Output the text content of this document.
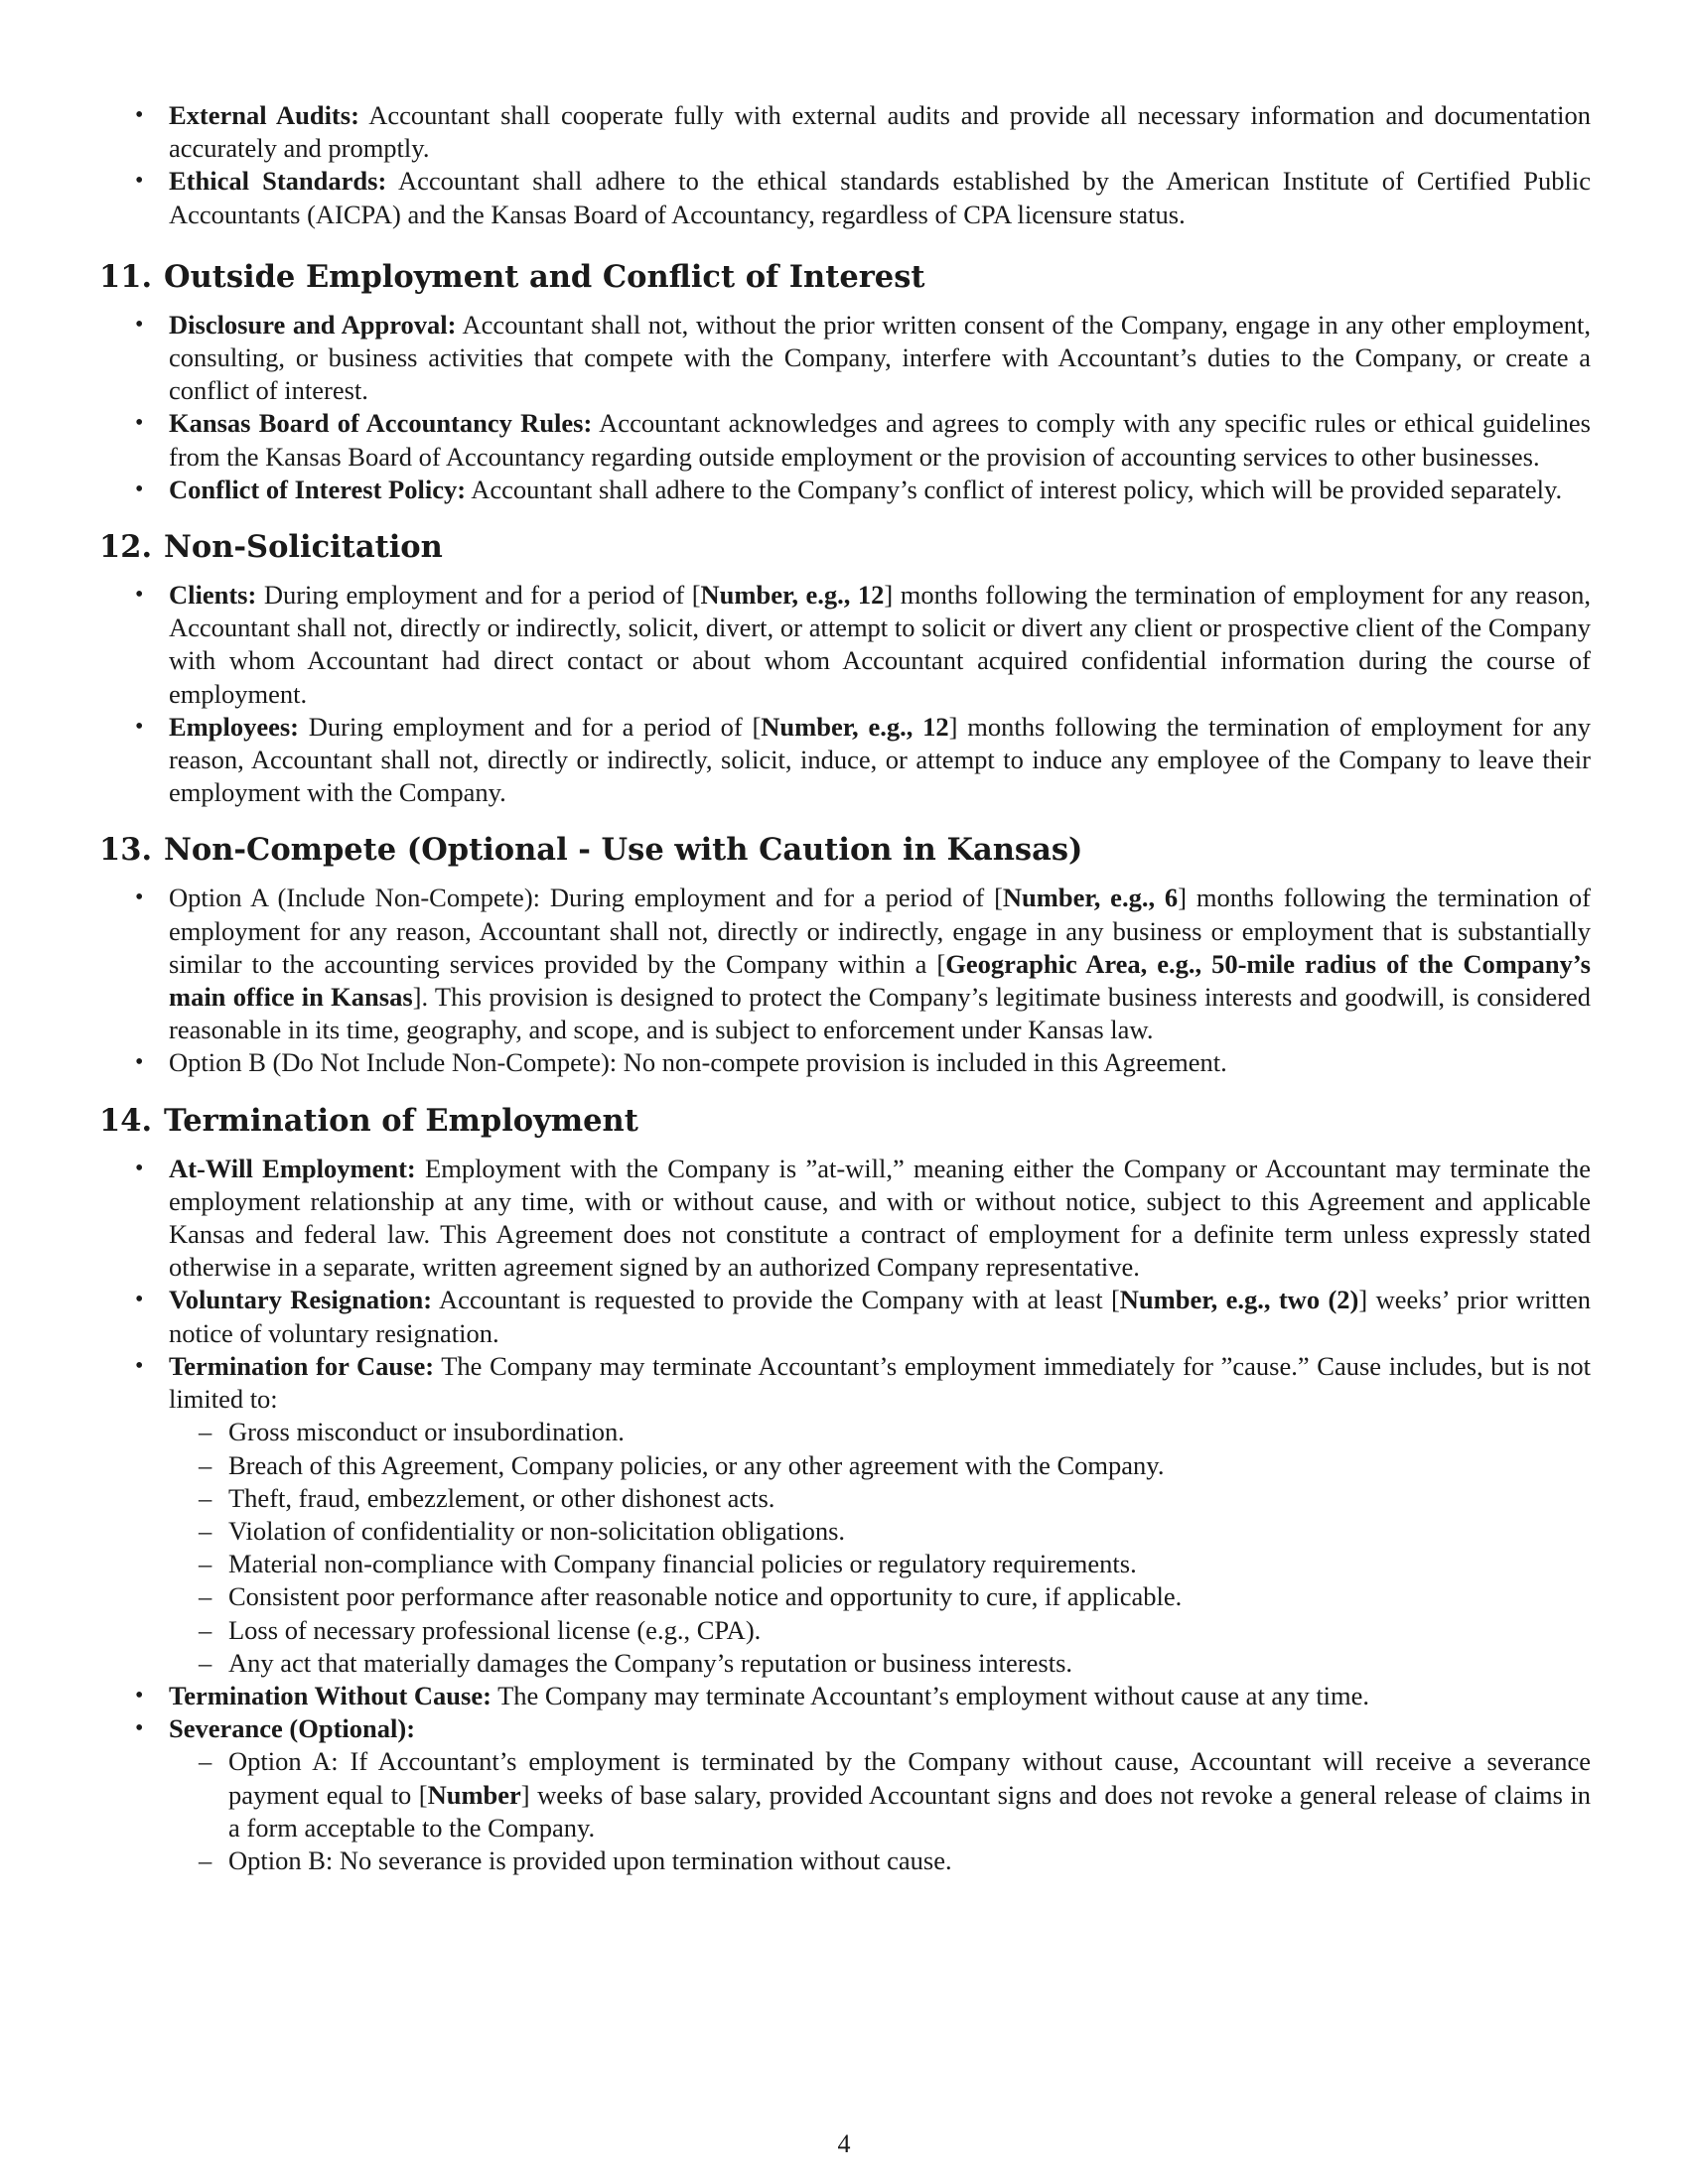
• External Audits: Accountant shall cooperate fully with external audits and provide all necessary information and documentation accurately and promptly.
• Ethical Standards: Accountant shall adhere to the ethical standards established by the American Institute of Certified Public Accountants (AICPA) and the Kansas Board of Accountancy, regardless of CPA licensure status.
11. Outside Employment and Conflict of Interest
• Disclosure and Approval: Accountant shall not, without the prior written consent of the Company, engage in any other employment, consulting, or business activities that compete with the Company, interfere with Accountant’s duties to the Company, or create a conflict of interest.
• Kansas Board of Accountancy Rules: Accountant acknowledges and agrees to comply with any specific rules or ethical guidelines from the Kansas Board of Accountancy regarding outside employment or the provision of accounting services to other businesses.
• Conflict of Interest Policy: Accountant shall adhere to the Company’s conflict of interest policy, which will be provided separately.
12. Non-Solicitation
• Clients: During employment and for a period of [Number, e.g., 12] months following the termination of employment for any reason, Accountant shall not, directly or indirectly, solicit, divert, or attempt to solicit or divert any client or prospective client of the Company with whom Accountant had direct contact or about whom Accountant acquired confidential information during the course of employment.
• Employees: During employment and for a period of [Number, e.g., 12] months following the termination of employment for any reason, Accountant shall not, directly or indirectly, solicit, induce, or attempt to induce any employee of the Company to leave their employment with the Company.
13. Non-Compete (Optional - Use with Caution in Kansas)
• Option A (Include Non-Compete): During employment and for a period of [Number, e.g., 6] months following the termination of employment for any reason, Accountant shall not, directly or indirectly, engage in any business or employment that is substantially similar to the accounting services provided by the Company within a [Geographic Area, e.g., 50-mile radius of the Company’s main office in Kansas]. This provision is designed to protect the Company’s legitimate business interests and goodwill, is considered reasonable in its time, geography, and scope, and is subject to enforcement under Kansas law.
• Option B (Do Not Include Non-Compete): No non-compete provision is included in this Agreement.
14. Termination of Employment
• At-Will Employment: Employment with the Company is ”at-will,” meaning either the Company or Accountant may terminate the employment relationship at any time, with or without cause, and with or without notice, subject to this Agreement and applicable Kansas and federal law. This Agreement does not constitute a contract of employment for a definite term unless expressly stated otherwise in a separate, written agreement signed by an authorized Company representative.
• Voluntary Resignation: Accountant is requested to provide the Company with at least [Number, e.g., two (2)] weeks’ prior written notice of voluntary resignation.
• Termination for Cause: The Company may terminate Accountant’s employment immediately for ”cause.” Cause includes, but is not limited to:
– Gross misconduct or insubordination.
– Breach of this Agreement, Company policies, or any other agreement with the Company.
– Theft, fraud, embezzlement, or other dishonest acts.
– Violation of confidentiality or non-solicitation obligations.
– Material non-compliance with Company financial policies or regulatory requirements.
– Consistent poor performance after reasonable notice and opportunity to cure, if applicable.
– Loss of necessary professional license (e.g., CPA).
– Any act that materially damages the Company’s reputation or business interests.
• Termination Without Cause: The Company may terminate Accountant’s employment without cause at any time.
• Severance (Optional):
– Option A: If Accountant’s employment is terminated by the Company without cause, Accountant will receive a severance payment equal to [Number] weeks of base salary, provided Accountant signs and does not revoke a general release of claims in a form acceptable to the Company.
– Option B: No severance is provided upon termination without cause.
4
